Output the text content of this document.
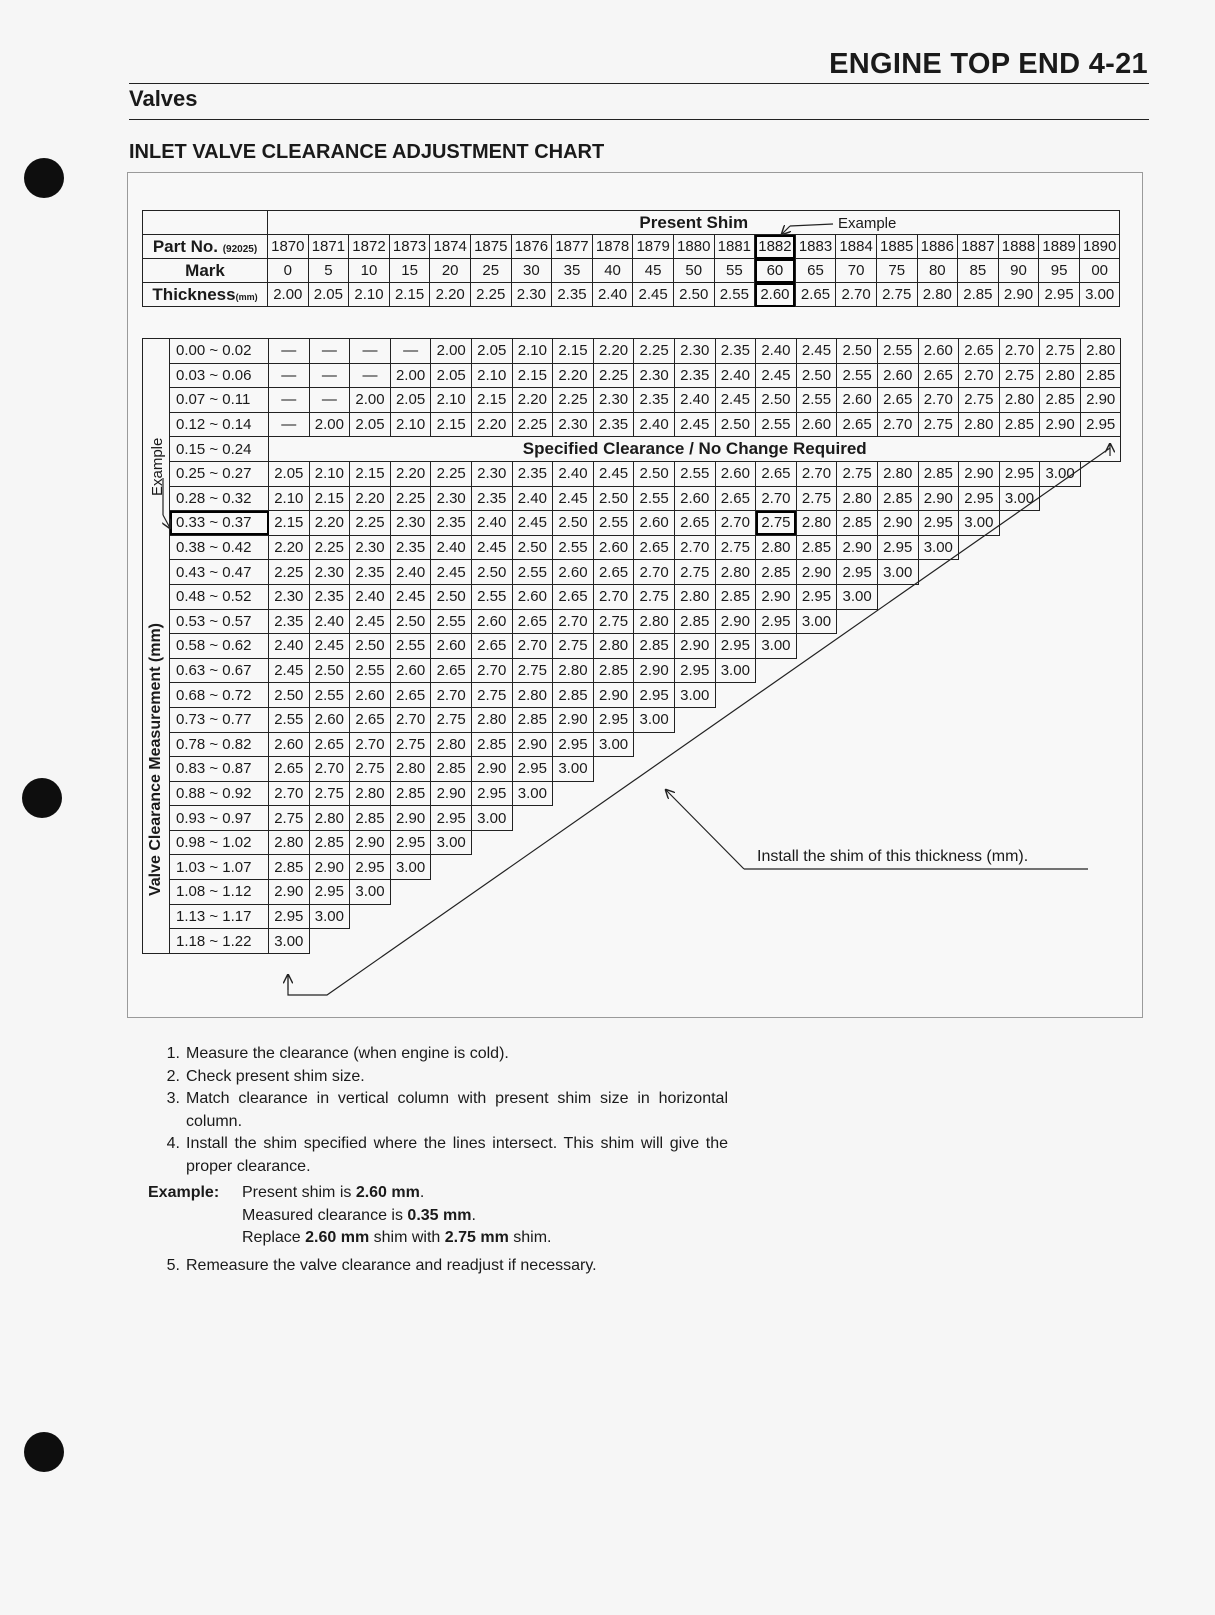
ENGINE TOP END 4-21
Valves
INLET VALVE CLEARANCE ADJUSTMENT CHART
	Present Shim																				
Part No. (92025)	1870	1871	1872	1873	1874	1875	1876	1877	1878	1879	1880	1881	1882	1883	1884	1885	1886	1887	1888	1889	1890
Mark	0	5	10	15	20	25	30	35	40	45	50	55	60	65	70	75	80	85	90	95	00
Thickness(mm)	2.00	2.05	2.10	2.15	2.20	2.25	2.30	2.35	2.40	2.45	2.50	2.55	2.60	2.65	2.70	2.75	2.80	2.85	2.90	2.95	3.00
	0.00 ~ 0.02	—	—	—	—	2.00	2.05	2.10	2.15	2.20	2.25	2.30	2.35	2.40	2.45	2.50	2.55	2.60	2.65	2.70	2.75	2.80
	0.03 ~ 0.06	—	—	—	2.00	2.05	2.10	2.15	2.20	2.25	2.30	2.35	2.40	2.45	2.50	2.55	2.60	2.65	2.70	2.75	2.80	2.85
	0.07 ~ 0.11	—	—	2.00	2.05	2.10	2.15	2.20	2.25	2.30	2.35	2.40	2.45	2.50	2.55	2.60	2.65	2.70	2.75	2.80	2.85	2.90
	0.12 ~ 0.14	—	2.00	2.05	2.10	2.15	2.20	2.25	2.30	2.35	2.40	2.45	2.50	2.55	2.60	2.65	2.70	2.75	2.80	2.85	2.90	2.95
	0.15 ~ 0.24	Specified Clearance / No Change Required																				
	0.25 ~ 0.27	2.05	2.10	2.15	2.20	2.25	2.30	2.35	2.40	2.45	2.50	2.55	2.60	2.65	2.70	2.75	2.80	2.85	2.90	2.95	3.00	
	0.28 ~ 0.32	2.10	2.15	2.20	2.25	2.30	2.35	2.40	2.45	2.50	2.55	2.60	2.65	2.70	2.75	2.80	2.85	2.90	2.95	3.00		
	0.33 ~ 0.37	2.15	2.20	2.25	2.30	2.35	2.40	2.45	2.50	2.55	2.60	2.65	2.70	2.75	2.80	2.85	2.90	2.95	3.00			
	0.38 ~ 0.42	2.20	2.25	2.30	2.35	2.40	2.45	2.50	2.55	2.60	2.65	2.70	2.75	2.80	2.85	2.90	2.95	3.00				
	0.43 ~ 0.47	2.25	2.30	2.35	2.40	2.45	2.50	2.55	2.60	2.65	2.70	2.75	2.80	2.85	2.90	2.95	3.00					
	0.48 ~ 0.52	2.30	2.35	2.40	2.45	2.50	2.55	2.60	2.65	2.70	2.75	2.80	2.85	2.90	2.95	3.00						
	0.53 ~ 0.57	2.35	2.40	2.45	2.50	2.55	2.60	2.65	2.70	2.75	2.80	2.85	2.90	2.95	3.00							
	0.58 ~ 0.62	2.40	2.45	2.50	2.55	2.60	2.65	2.70	2.75	2.80	2.85	2.90	2.95	3.00								
	0.63 ~ 0.67	2.45	2.50	2.55	2.60	2.65	2.70	2.75	2.80	2.85	2.90	2.95	3.00									
	0.68 ~ 0.72	2.50	2.55	2.60	2.65	2.70	2.75	2.80	2.85	2.90	2.95	3.00										
	0.73 ~ 0.77	2.55	2.60	2.65	2.70	2.75	2.80	2.85	2.90	2.95	3.00											
	0.78 ~ 0.82	2.60	2.65	2.70	2.75	2.80	2.85	2.90	2.95	3.00												
	0.83 ~ 0.87	2.65	2.70	2.75	2.80	2.85	2.90	2.95	3.00													
	0.88 ~ 0.92	2.70	2.75	2.80	2.85	2.90	2.95	3.00														
	0.93 ~ 0.97	2.75	2.80	2.85	2.90	2.95	3.00															
	0.98 ~ 1.02	2.80	2.85	2.90	2.95	3.00																
	1.03 ~ 1.07	2.85	2.90	2.95	3.00																	
	1.08 ~ 1.12	2.90	2.95	3.00																		
	1.13 ~ 1.17	2.95	3.00																			
	1.18 ~ 1.22	3.00																				
Valve Clearance Measurement (mm)
Example
Example
Install the shim of this thickness (mm).
1. Measure the clearance (when engine is cold).
2. Check present shim size.
3. Match clearance in vertical column with present shim size in horizontal column.
4. Install the shim specified where the lines intersect. This shim will give the proper clearance.
Example:	Present shim is 2.60 mm.
Measured clearance is 0.35 mm.
Replace 2.60 mm shim with 2.75 mm shim.
5. Remeasure the valve clearance and readjust if necessary.
